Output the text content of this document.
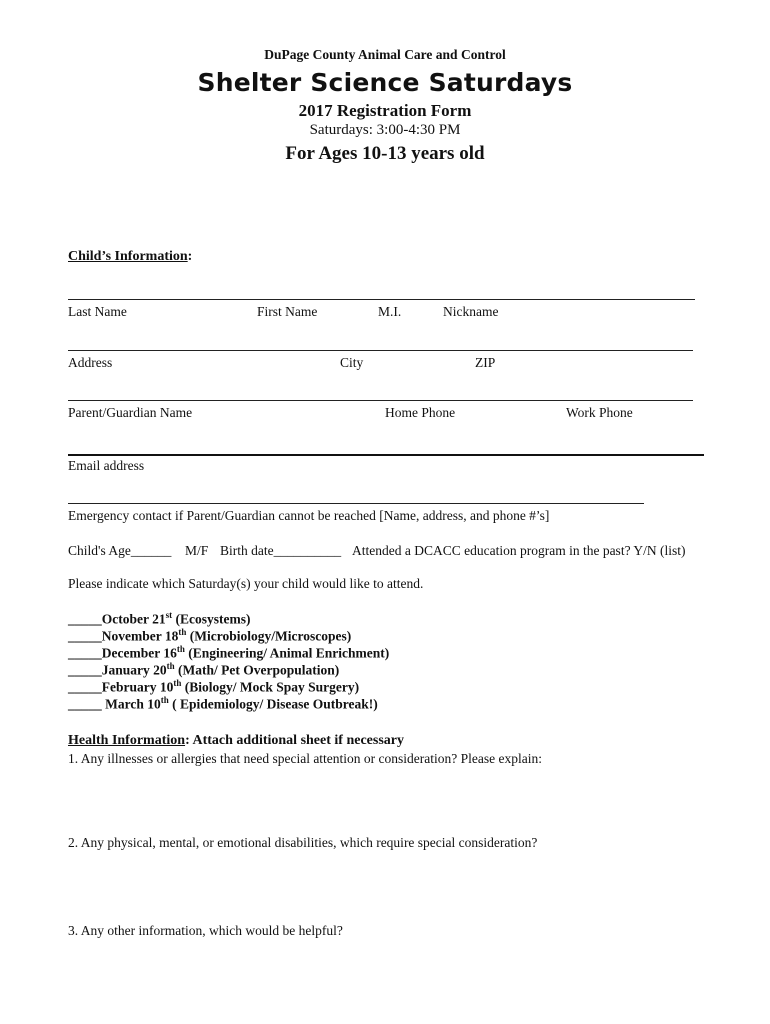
DuPage County Animal Care and Control
Shelter Science Saturdays
2017 Registration Form
Saturdays: 3:00-4:30 PM
For Ages 10-13 years old
Child’s Information:
Last Name	First Name	M.I.	Nickname
Address	City	ZIP
Parent/Guardian Name	Home Phone	Work Phone
Email address
Emergency contact if Parent/Guardian cannot be reached [Name, address, and phone #’s]
Child's Age______ M/F Birth date__________ Attended a DCACC education program in the past? Y/N (list)
Please indicate which Saturday(s) your child would like to attend.
_____October 21st (Ecosystems)
_____November 18th (Microbiology/Microscopes)
_____December 16th (Engineering/ Animal Enrichment)
_____January 20th (Math/ Pet Overpopulation)
_____February 10th (Biology/ Mock Spay Surgery)
_____ March 10th ( Epidemiology/ Disease Outbreak!)
Health Information: Attach additional sheet if necessary
1. Any illnesses or allergies that need special attention or consideration? Please explain:
2. Any physical, mental, or emotional disabilities, which require special consideration?
3. Any other information, which would be helpful?
